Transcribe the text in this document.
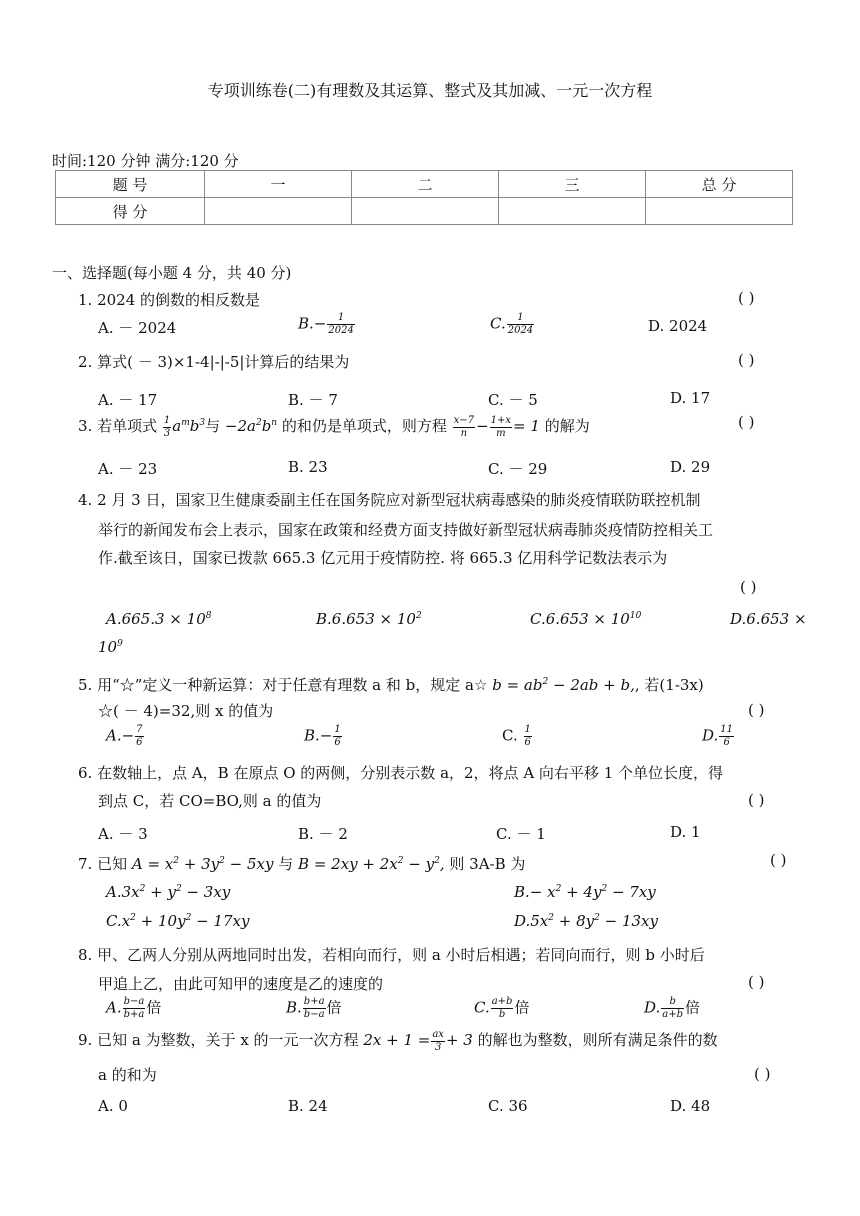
专项训练卷(二)有理数及其运算、整式及其加减、一元一次方程
时间:120 分钟 满分:120 分
题 号	一	二	三	总 分
得 分				
一、选择题(每小题 4 分，共 40 分)
1. 2024 的倒数的相反数是	( )
A. － 2024	$B.- \frac{1}{2024}$	C. $\frac{1}{2024}$	D. 2024
2. 算式( － 3)×1-4|-|-5|计算后的结果为	( )
A. － 17	B. － 7	C. － 5	D. 17
3. 若单项式 $\frac{1}{3} a^mb^3$与 $-2a^2b^n$ 的和仍是单项式，则方程 $\frac{x-7}{n} - \frac{1+x}{m} = 1$ 的解为	( )
A. － 23	B. 23	C. － 29	D. 29
4. 2 月 3 日，国家卫生健康委副主任在国务院应对新型冠状病毒感染的肺炎疫情联防联控机制
举行的新闻发布会上表示，国家在政策和经费方面支持做好新型冠状病毒肺炎疫情防控相关工
作.截至该日，国家已拨款 665.3 亿元用于疫情防控. 将 665.3 亿用科学记数法表示为
( )
$A.665.3 \times 10^8$	$B.6.653 \times 10^2$	$C.6.653 \times 10^{10}$	D.6.653 ×
$10^9$
5. 用“☆”定义一种新运算：对于任意有理数 a 和 b，规定 a☆ $b = ab^2 - 2ab + b$,, 若(1-3x)
☆( － 4)=32,则 x 的值为	( )
$A.- \frac{7}{6}$	$B.- \frac{1}{6}$	C. $\frac{1}{6}$	D. $\frac{11}{6}$
6. 在数轴上，点 A，B 在原点 O 的两侧，分别表示数 a，2，将点 A 向右平移 1 个单位长度，得
到点 C，若 CO=BO,则 a 的值为	( )
A. － 3	B. － 2	C. － 1	D. 1
7. 已知 $A = x^2 + 3y^2 - 5xy$ 与 $B = 2xy + 2x^2 - y^2$, 则 3A-B 为	( )
$A.3x^2 + y^2 - 3xy$	$B.- x^2 + 4y^2 - 7xy$
$C.x^2 + 10y^2 - 17xy$	$D.5x^2 + 8y^2 - 13xy$
8. 甲、乙两人分别从两地同时出发，若相向而行，则 a 小时后相遇；若同向而行，则 b 小时后
甲追上乙，由此可知甲的速度是乙的速度的	( )
A. $\frac{b-a}{b+a}$ 倍	B. $\frac{b+a}{b-a}$ 倍	C. $\frac{a+b}{b}$ 倍	D. $\frac{b}{a+b}$ 倍
9. 已知 a 为整数，关于 x 的一元一次方程 $2x + 1 = \frac{ax}{3} + 3$ 的解也为整数，则所有满足条件的数
a 的和为	( )
A. 0	B. 24	C. 36	D. 48
